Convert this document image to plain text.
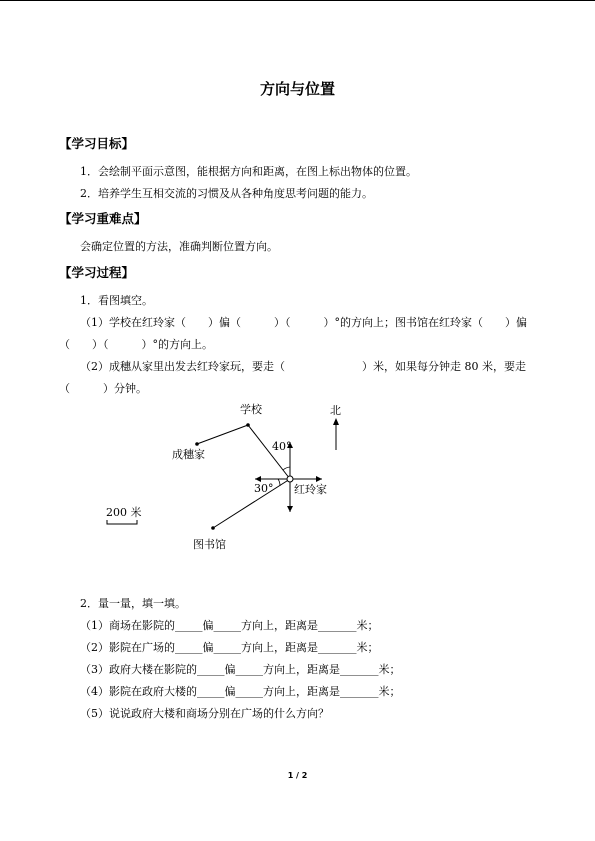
方向与位置
【学习目标】
1．会绘制平面示意图，能根据方向和距离，在图上标出物体的位置。
2．培养学生互相交流的习惯及从各种角度思考问题的能力。
【学习重难点】
会确定位置的方法，准确判断位置方向。
【学习过程】
1．看图填空。
（1）学校在红玲家（　　）偏（　　　）（　　　）°的方向上；图书馆在红玲家（　　）偏
（　　）（　　　）°的方向上。
（2）成穗从家里出发去红玲家玩，要走（　　　　　　　）米，如果每分钟走 80 米，要走
（　　　）分钟。
学校	北
成穗家
40°
30° 红玲家
200 米
图书馆
2．量一量，填一填。
（1）商场在影院的_____偏_____方向上，距离是_______米；
（2）影院在广场的_____偏_____方向上，距离是_______米；
（3）政府大楼在影院的_____偏_____方向上，距离是_______米；
（4）影院在政府大楼的_____偏_____方向上，距离是_______米；
（5）说说政府大楼和商场分别在广场的什么方向？
1 / 2
